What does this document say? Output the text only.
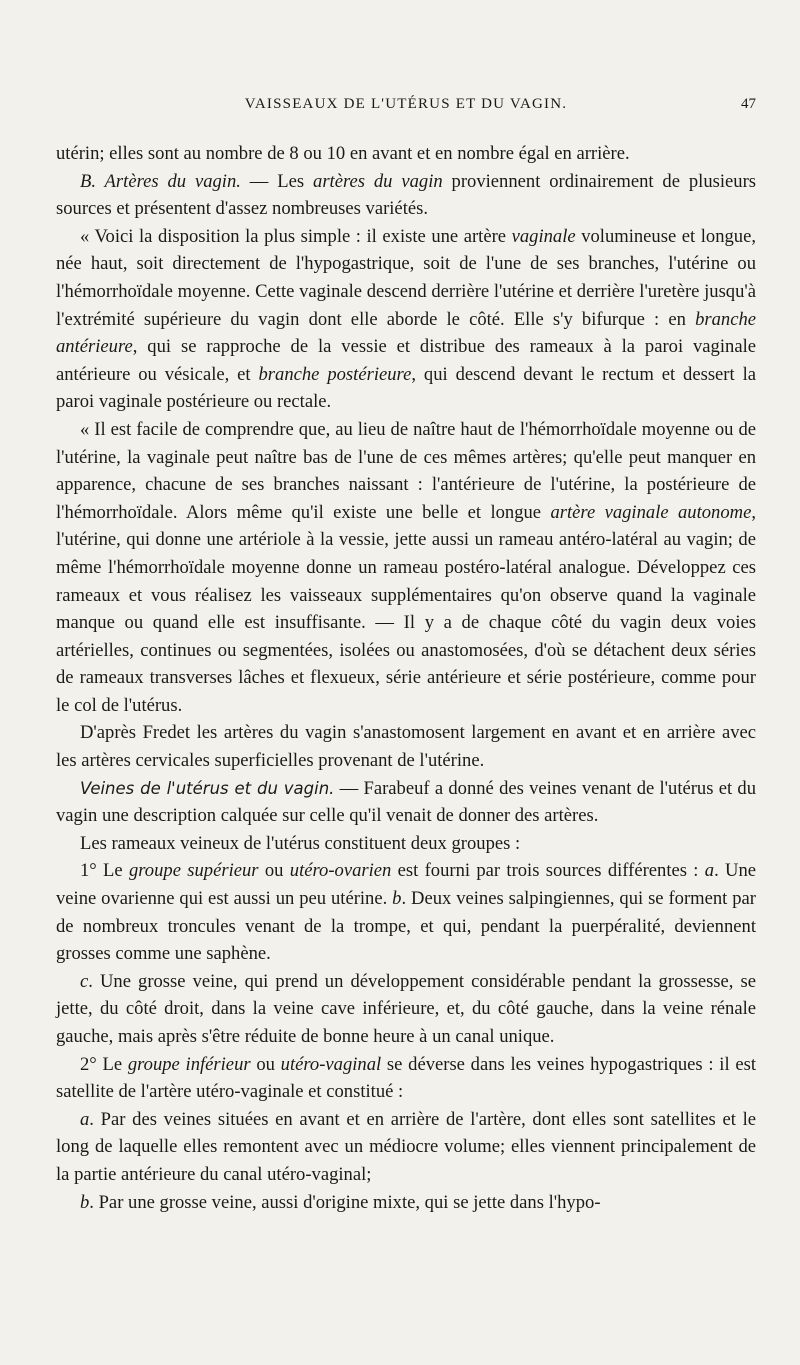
VAISSEAUX DE L'UTÉRUS ET DU VAGIN.	47

utérin; elles sont au nombre de 8 ou 10 en avant et en nombre égal en arrière.

B. Artères du vagin. — Les artères du vagin proviennent ordinairement de plusieurs sources et présentent d'assez nombreuses variétés.

« Voici la disposition la plus simple : il existe une artère vaginale volumineuse et longue, née haut, soit directement de l'hypogastrique, soit de l'une de ses branches, l'utérine ou l'hémorrhoïdale moyenne. Cette vaginale descend derrière l'utérine et derrière l'uretère jusqu'à l'extrémité supérieure du vagin dont elle aborde le côté. Elle s'y bifurque : en branche antérieure, qui se rapproche de la vessie et distribue des rameaux à la paroi vaginale antérieure ou vésicale, et branche postérieure, qui descend devant le rectum et dessert la paroi vaginale postérieure ou rectale.

« Il est facile de comprendre que, au lieu de naître haut de l'hémorrhoïdale moyenne ou de l'utérine, la vaginale peut naître bas de l'une de ces mêmes artères; qu'elle peut manquer en apparence, chacune de ses branches naissant : l'antérieure de l'utérine, la postérieure de l'hémorrhoïdale. Alors même qu'il existe une belle et longue artère vaginale autonome, l'utérine, qui donne une artériole à la vessie, jette aussi un rameau antéro-latéral au vagin; de même l'hémorrhoïdale moyenne donne un rameau postéro-latéral analogue. Développez ces rameaux et vous réalisez les vaisseaux supplémentaires qu'on observe quand la vaginale manque ou quand elle est insuffisante. — Il y a de chaque côté du vagin deux voies artérielles, continues ou segmentées, isolées ou anastomosées, d'où se détachent deux séries de rameaux transverses lâches et flexueux, série antérieure et série postérieure, comme pour le col de l'utérus.

D'après Fredet les artères du vagin s'anastomosent largement en avant et en arrière avec les artères cervicales superficielles provenant de l'utérine.

Veines de l'utérus et du vagin. — Farabeuf a donné des veines venant de l'utérus et du vagin une description calquée sur celle qu'il venait de donner des artères.

Les rameaux veineux de l'utérus constituent deux groupes :

1° Le groupe supérieur ou utéro-ovarien est fourni par trois sources différentes : a. Une veine ovarienne qui est aussi un peu utérine. b. Deux veines salpingiennes, qui se forment par de nombreux troncules venant de la trompe, et qui, pendant la puerpéralité, deviennent grosses comme une saphène.

c. Une grosse veine, qui prend un développement considérable pendant la grossesse, se jette, du côté droit, dans la veine cave inférieure, et, du côté gauche, dans la veine rénale gauche, mais après s'être réduite de bonne heure à un canal unique.

2° Le groupe inférieur ou utéro-vaginal se déverse dans les veines hypogastriques : il est satellite de l'artère utéro-vaginale et constitué :

a. Par des veines situées en avant et en arrière de l'artère, dont elles sont satellites et le long de laquelle elles remontent avec un médiocre volume; elles viennent principalement de la partie antérieure du canal utéro-vaginal;

b. Par une grosse veine, aussi d'origine mixte, qui se jette dans l'hypo-
